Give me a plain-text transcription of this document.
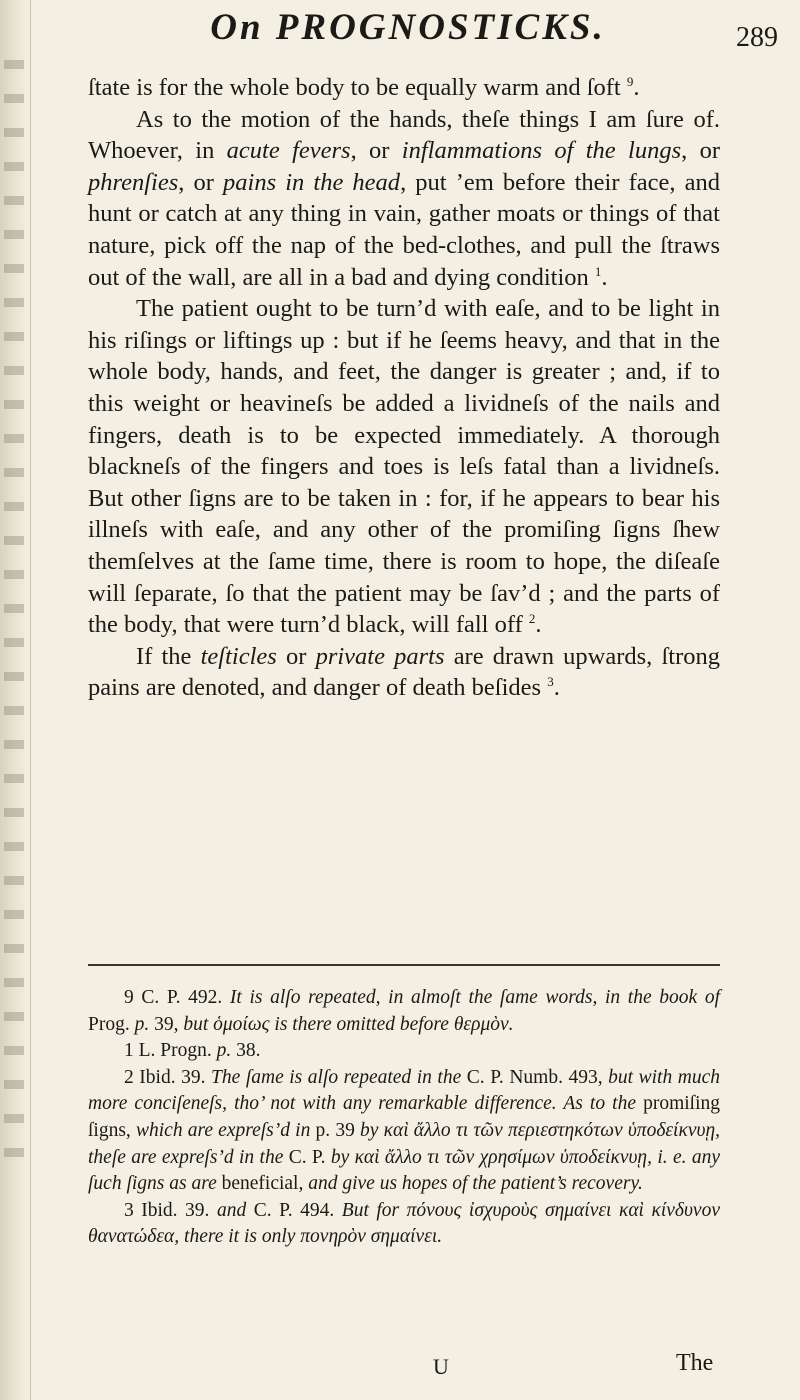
On PROGNOSTICKS.	289

ſtate is for the whole body to be equally warm and ſoft $^9$.

As to the motion of the hands, theſe things I am ſure of. Whoever, in acute fevers, or inflammations of the lungs, or phrenſies, or pains in the head, put ’em before their face, and hunt or catch at any thing in vain, gather moats or things of that nature, pick off the nap of the bed-clothes, and pull the ſtraws out of the wall, are all in a bad and dying condition $^1$.

The patient ought to be turn’d with eaſe, and to be light in his riſings or liftings up : but if he ſeems heavy, and that in the whole body, hands, and feet, the danger is greater ; and, if to this weight or heavineſs be added a lividneſs of the nails and fingers, death is to be expected immediately. A thorough blackneſs of the fingers and toes is leſs fatal than a lividneſs. But other ſigns are to be taken in : for, if he appears to bear his illneſs with eaſe, and any other of the promiſing ſigns ſhew themſelves at the ſame time, there is room to hope, the diſeaſe will ſeparate, ſo that the patient may be ſav’d ; and the parts of the body, that were turn’d black, will fall off $^2$.

If the teſticles or private parts are drawn upwards, ſtrong pains are denoted, and danger of death beſides $^3$.

9 C. P. 492. It is alſo repeated, in almoſt the ſame words, in the book of Prog. p. 39, but ὁμοίως is there omitted before θερμὸν.

1 L. Progn. p. 38.

2 Ibid. 39. The ſame is alſo repeated in the C. P. Numb. 493, but with much more conciſeneſs, tho’ not with any remarkable difference. As to the promiſing ſigns, which are expreſs’d in p. 39 by καὶ ἄλλο τι τῶν περιεστηκότων ὑποδείκνυῃ, theſe are expreſs’d in the C. P. by καὶ ἄλλο τι τῶν χρησίμων ὑποδείκνυῃ, i. e. any ſuch ſigns as are beneficial, and give us hopes of the patient’s recovery.

3 Ibid. 39. and C. P. 494. But for πόνους ἰσχυροὺς σημαίνει καὶ κίνδυνον θανατώδεα, there it is only πονηρὸν σημαίνει.

U	The
